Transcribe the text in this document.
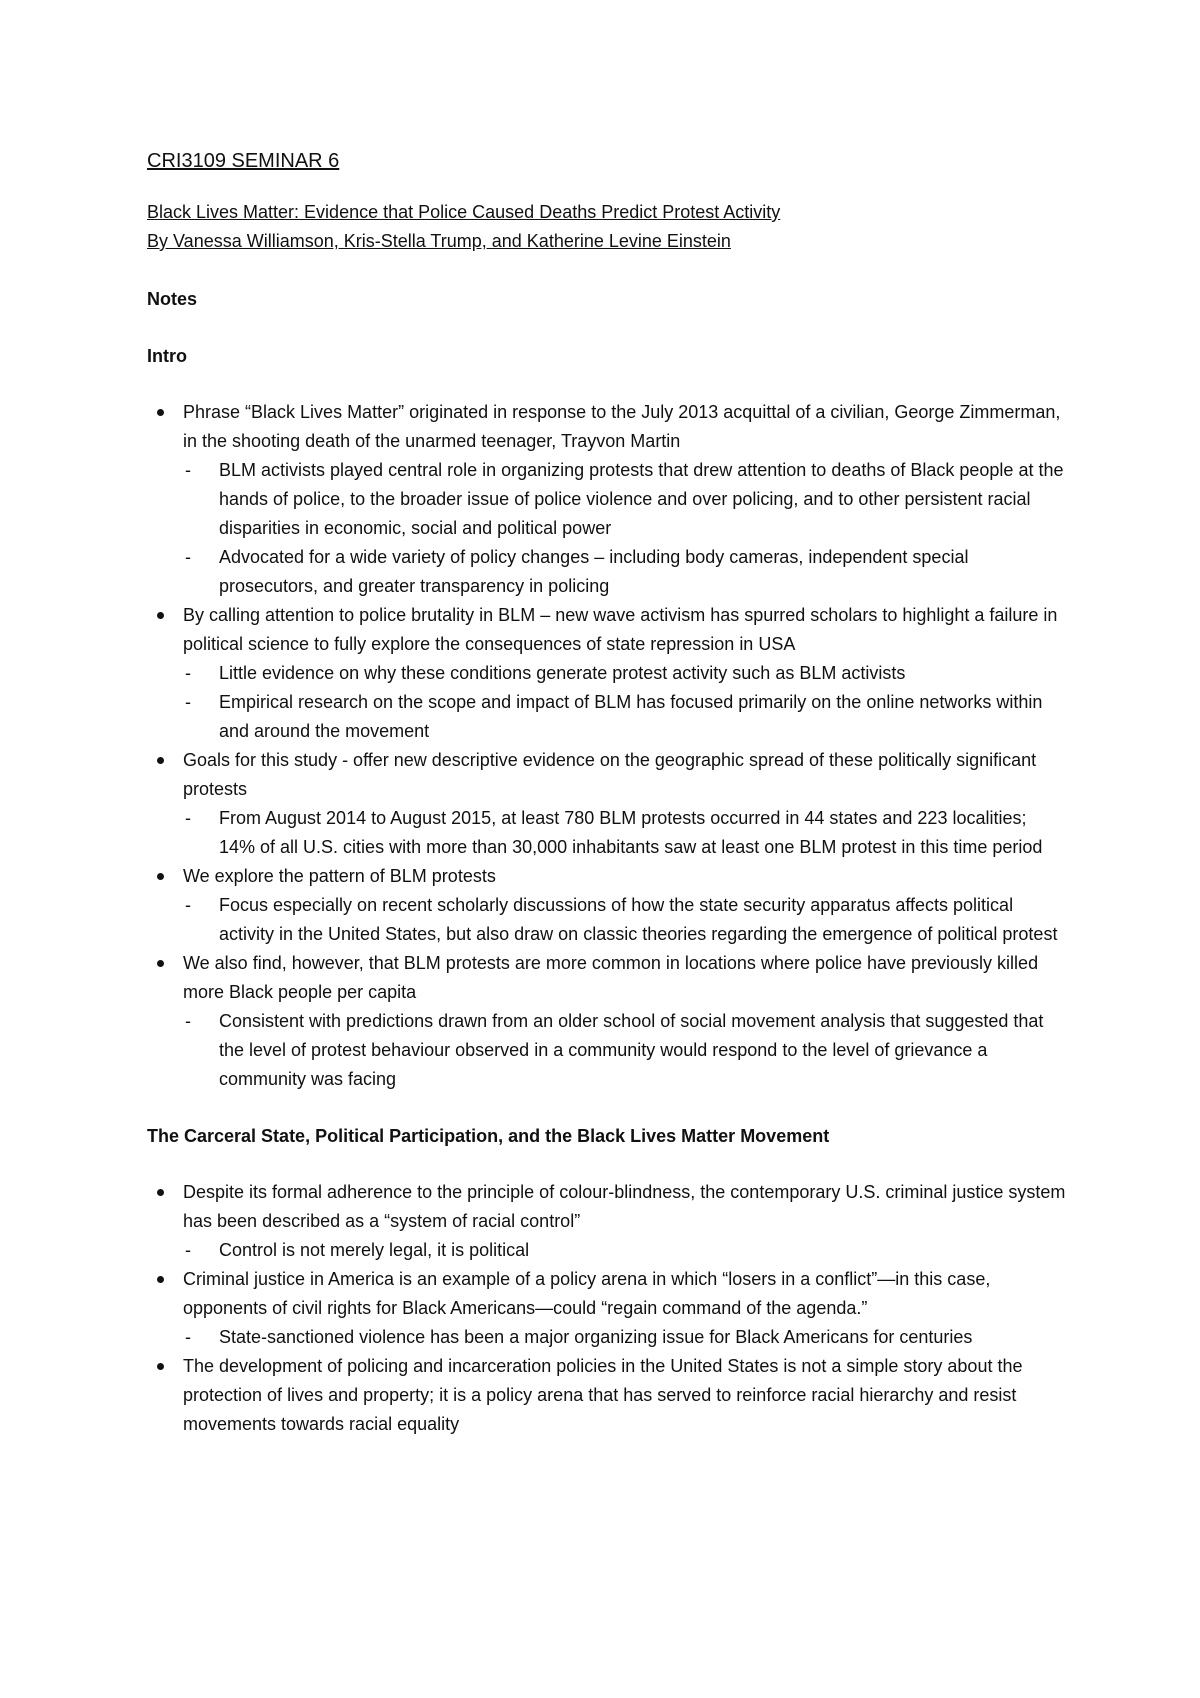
CRI3109 SEMINAR 6
Black Lives Matter: Evidence that Police Caused Deaths Predict Protest Activity
By Vanessa Williamson, Kris-Stella Trump, and Katherine Levine Einstein
Notes
Intro
Phrase “Black Lives Matter” originated in response to the July 2013 acquittal of a civilian, George Zimmerman, in the shooting death of the unarmed teenager, Trayvon Martin
- BLM activists played central role in organizing protests that drew attention to deaths of Black people at the hands of police, to the broader issue of police violence and over policing, and to other persistent racial disparities in economic, social and political power
- Advocated for a wide variety of policy changes – including body cameras, independent special prosecutors, and greater transparency in policing
By calling attention to police brutality in BLM – new wave activism has spurred scholars to highlight a failure in political science to fully explore the consequences of state repression in USA
- Little evidence on why these conditions generate protest activity such as BLM activists
- Empirical research on the scope and impact of BLM has focused primarily on the online networks within and around the movement
Goals for this study - offer new descriptive evidence on the geographic spread of these politically significant protests
- From August 2014 to August 2015, at least 780 BLM protests occurred in 44 states and 223 localities; 14% of all U.S. cities with more than 30,000 inhabitants saw at least one BLM protest in this time period
We explore the pattern of BLM protests
- Focus especially on recent scholarly discussions of how the state security apparatus affects political activity in the United States, but also draw on classic theories regarding the emergence of political protest
We also find, however, that BLM protests are more common in locations where police have previously killed more Black people per capita
- Consistent with predictions drawn from an older school of social movement analysis that suggested that the level of protest behaviour observed in a community would respond to the level of grievance a community was facing
The Carceral State, Political Participation, and the Black Lives Matter Movement
Despite its formal adherence to the principle of colour-blindness, the contemporary U.S. criminal justice system has been described as a “system of racial control”
- Control is not merely legal, it is political
Criminal justice in America is an example of a policy arena in which “losers in a conflict”—in this case, opponents of civil rights for Black Americans—could “regain command of the agenda.”
- State-sanctioned violence has been a major organizing issue for Black Americans for centuries
The development of policing and incarceration policies in the United States is not a simple story about the protection of lives and property; it is a policy arena that has served to reinforce racial hierarchy and resist movements towards racial equality
